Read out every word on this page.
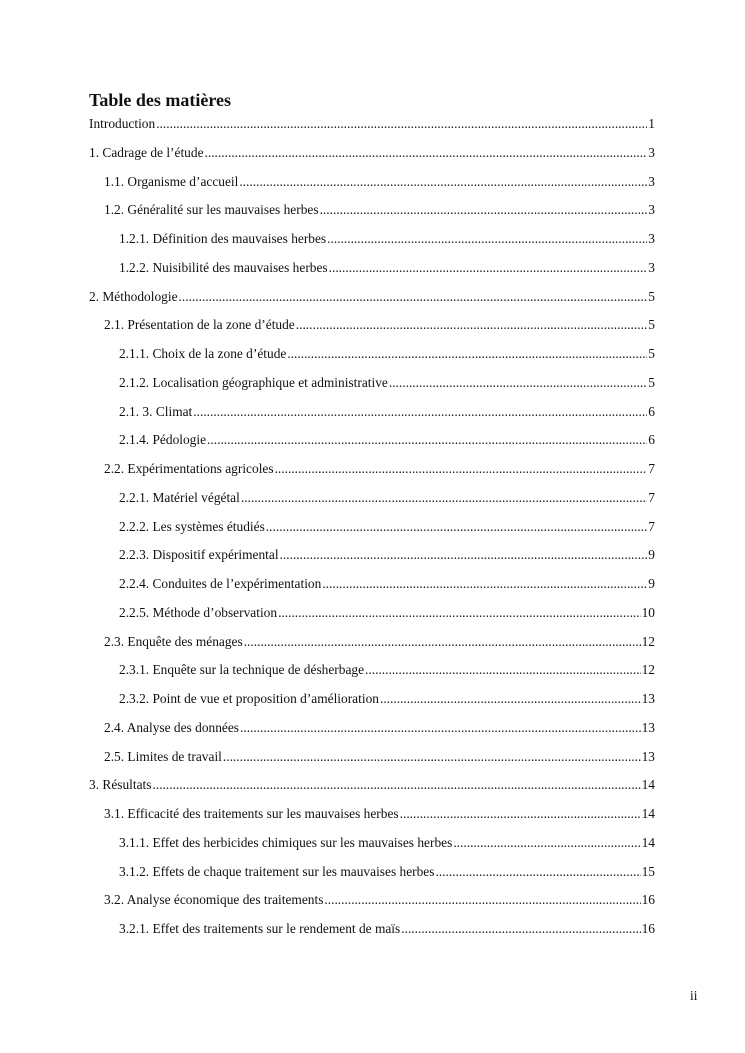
Table des matières
Introduction .....	1
1. Cadrage de l’étude .....	3
1.1. Organisme d’accueil .....	3
1.2. Généralité sur les mauvaises herbes .....	3
1.2.1. Définition des mauvaises herbes .....	3
1.2.2. Nuisibilité des mauvaises herbes .....	3
2. Méthodologie .....	5
2.1. Présentation de la zone d’étude .....	5
2.1.1. Choix de la zone d’étude .....	5
2.1.2. Localisation géographique et administrative .....	5
2.1. 3. Climat .....	6
2.1.4. Pédologie .....	6
2.2. Expérimentations agricoles .....	7
2.2.1. Matériel végétal .....	7
2.2.2. Les systèmes étudiés .....	7
2.2.3. Dispositif expérimental .....	9
2.2.4. Conduites de l’expérimentation .....	9
2.2.5. Méthode d’observation .....	10
2.3. Enquête des ménages .....	12
2.3.1. Enquête sur la technique de désherbage .....	12
2.3.2. Point de vue et proposition d’amélioration .....	13
2.4. Analyse des données .....	13
2.5. Limites de travail .....	13
3. Résultats .....	14
3.1. Efficacité des traitements sur les mauvaises herbes .....	14
3.1.1. Effet des herbicides chimiques sur les mauvaises herbes .....	14
3.1.2. Effets de chaque traitement sur les mauvaises herbes .....	15
3.2. Analyse économique des traitements .....	16
3.2.1. Effet des traitements sur le rendement de maïs .....	16
ii
